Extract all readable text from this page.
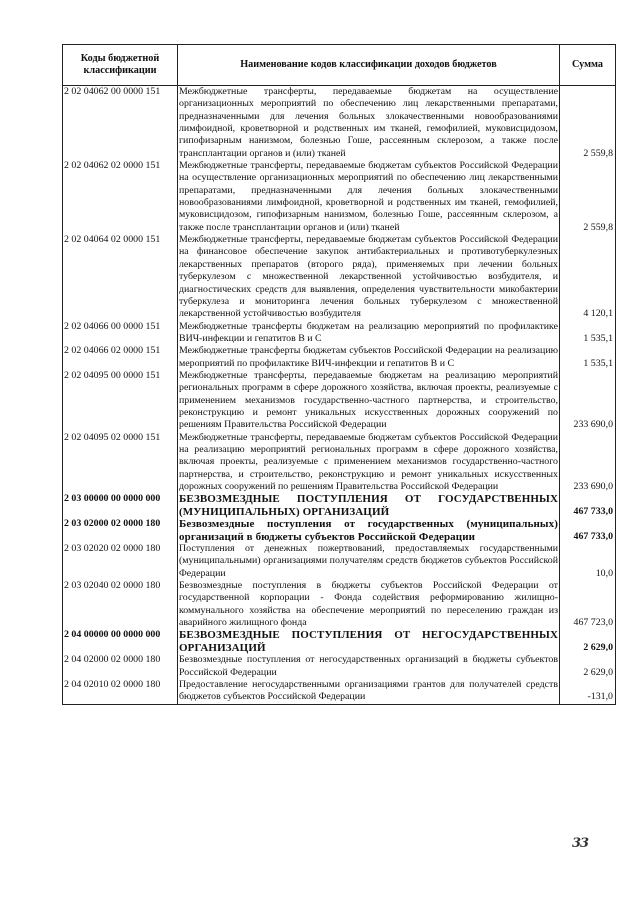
Коды бюджетной классификации	Наименование кодов классификации доходов бюджетов	Сумма
2 02 04062 00 0000 151	Межбюджетные трансферты, передаваемые бюджетам на осуществление организационных мероприятий по обеспечению лиц лекарственными препаратами, предназначенными для лечения больных злокачественными новообразованиями лимфоидной, кроветворной и родственных им тканей, гемофилией, муковисцидозом, гипофизарным нанизмом, болезнью Гоше, рассеянным склерозом, а также после трансплантации органов и (или) тканей	2 559,8
2 02 04062 02 0000 151	Межбюджетные трансферты, передаваемые бюджетам субъектов Российской Федерации на осуществление организационных мероприятий по обеспечению лиц лекарственными препаратами, предназначенными для лечения больных злокачественными новообразованиями лимфоидной, кроветворной и родственных им тканей, гемофилией, муковисцидозом, гипофизарным нанизмом, болезнью Гоше, рассеянным склерозом, а также после трансплантации органов и (или) тканей	2 559,8
2 02 04064 02 0000 151	Межбюджетные трансферты, передаваемые бюджетам субъектов Российской Федерации на финансовое обеспечение закупок антибактериальных и противотуберкулезных лекарственных препаратов (второго ряда), применяемых при лечении больных туберкулезом с множественной лекарственной устойчивостью возбудителя, и диагностических средств для выявления, определения чувствительности микобактерии туберкулеза и мониторинга лечения больных туберкулезом с множественной лекарственной устойчивостью возбудителя	4 120,1
2 02 04066 00 0000 151	Межбюджетные трансферты бюджетам на реализацию мероприятий по профилактике ВИЧ-инфекции и гепатитов В и С	1 535,1
2 02 04066 02 0000 151	Межбюджетные трансферты бюджетам субъектов Российской Федерации на реализацию мероприятий по профилактике ВИЧ-инфекции и гепатитов В и С	1 535,1
2 02 04095 00 0000 151	Межбюджетные трансферты, передаваемые бюджетам на реализацию мероприятий региональных программ в сфере дорожного хозяйства, включая проекты, реализуемые с применением механизмов государственно-частного партнерства, и строительство, реконструкцию и ремонт уникальных искусственных дорожных сооружений по решениям Правительства Российской Федерации	233 690,0
2 02 04095 02 0000 151	Межбюджетные трансферты, передаваемые бюджетам субъектов Российской Федерации на реализацию мероприятий региональных программ в сфере дорожного хозяйства, включая проекты, реализуемые с применением механизмов государственно-частного партнерства, и строительство, реконструкцию и ремонт уникальных искусственных дорожных сооружений по решениям Правительства Российской Федерации	233 690,0
2 03 00000 00 0000 000	БЕЗВОЗМЕЗДНЫЕ ПОСТУПЛЕНИЯ ОТ ГОСУДАРСТВЕННЫХ (МУНИЦИПАЛЬНЫХ) ОРГАНИЗАЦИЙ	467 733,0
2 03 02000 02 0000 180	Безвозмездные поступления от государственных (муниципальных) организаций в бюджеты субъектов Российской Федерации	467 733,0
2 03 02020 02 0000 180	Поступления от денежных пожертвований, предоставляемых государственными (муниципальными) организациями получателям средств бюджетов субъектов Российской Федерации	10,0
2 03 02040 02 0000 180	Безвозмездные поступления в бюджеты субъектов Российской Федерации от государственной корпорации - Фонда содействия реформированию жилищно-коммунального хозяйства на обеспечение мероприятий по переселению граждан из аварийного жилищного фонда	467 723,0
2 04 00000 00 0000 000	БЕЗВОЗМЕЗДНЫЕ ПОСТУПЛЕНИЯ ОТ НЕГОСУДАРСТВЕННЫХ ОРГАНИЗАЦИЙ	2 629,0
2 04 02000 02 0000 180	Безвозмездные поступления от негосударственных организаций в бюджеты субъектов Российской Федерации	2 629,0
2 04 02010 02 0000 180	Предоставление негосударственными организациями грантов для получателей средств бюджетов субъектов Российской Федерации	-131,0
33
